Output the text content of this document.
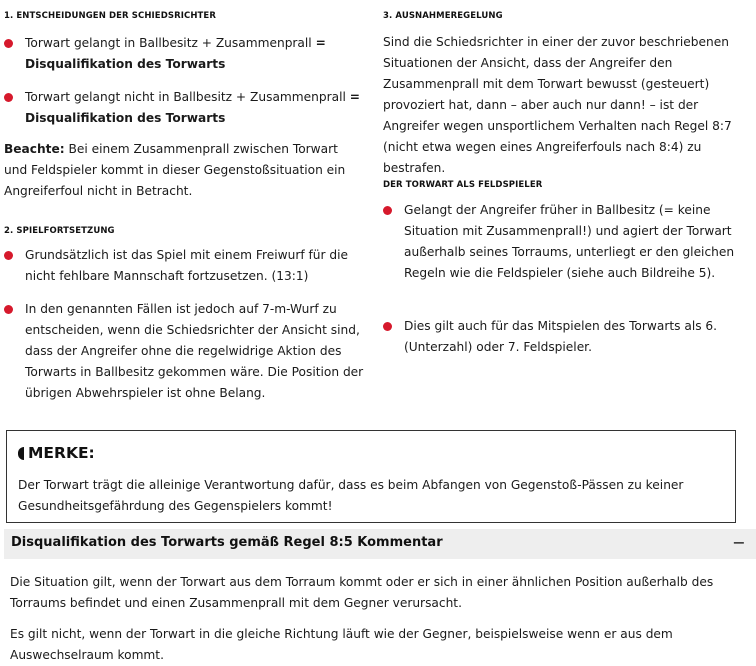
1. ENTSCHEIDUNGEN DER SCHIEDSRICHTER
Torwart gelangt in Ballbesitz + Zusammenprall = Disqualifikation des Torwarts
Torwart gelangt nicht in Ballbesitz + Zusammenprall = Disqualifikation des Torwarts

Beachte: Bei einem Zusammenprall zwischen Torwart und Feldspieler kommt in dieser Gegenstoßsituation ein Angreiferfoul nicht in Betracht.

2. SPIELFORTSETZUNG
Grundsätzlich ist das Spiel mit einem Freiwurf für die nicht fehlbare Mannschaft fortzusetzen. (13:1)
In den genannten Fällen ist jedoch auf 7-m-Wurf zu entscheiden, wenn die Schiedsrichter der Ansicht sind, dass der Angreifer ohne die regelwidrige Aktion des Torwarts in Ballbesitz gekommen wäre. Die Position der übrigen Abwehrspieler ist ohne Belang.
3. AUSNAHMEREGELUNG

Sind die Schiedsrichter in einer der zuvor beschriebenen Situationen der Ansicht, dass der Angreifer den Zusammenprall mit dem Torwart bewusst (gesteuert) provoziert hat, dann – aber auch nur dann! – ist der Angreifer wegen unsportlichem Verhalten nach Regel 8:7 (nicht etwa wegen eines Angreiferfouls nach 8:4) zu bestrafen.

DER TORWART ALS FELDSPIELER
Gelangt der Angreifer früher in Ballbesitz (= keine Situation mit Zusammenprall!) und agiert der Torwart außerhalb seines Torraums, unterliegt er den gleichen Regeln wie die Feldspieler (siehe auch Bildreihe 5).
Dies gilt auch für das Mitspielen des Torwarts als 6. (Unterzahl) oder 7. Feldspieler.
MERKE:
Der Torwart trägt die alleinige Verantwortung dafür, dass es beim Abfangen von Gegenstoß-Pässen zu keiner Gesundheitsgefährdung des Gegenspielers kommt!
Disqualifikation des Torwarts gemäß Regel 8:5 Kommentar	−
Die Situation gilt, wenn der Torwart aus dem Torraum kommt oder er sich in einer ähnlichen Position außerhalb des Torraums befindet und einen Zusammenprall mit dem Gegner verursacht.
Es gilt nicht, wenn der Torwart in die gleiche Richtung läuft wie der Gegner, beispielsweise wenn er aus dem Auswechselraum kommt.
